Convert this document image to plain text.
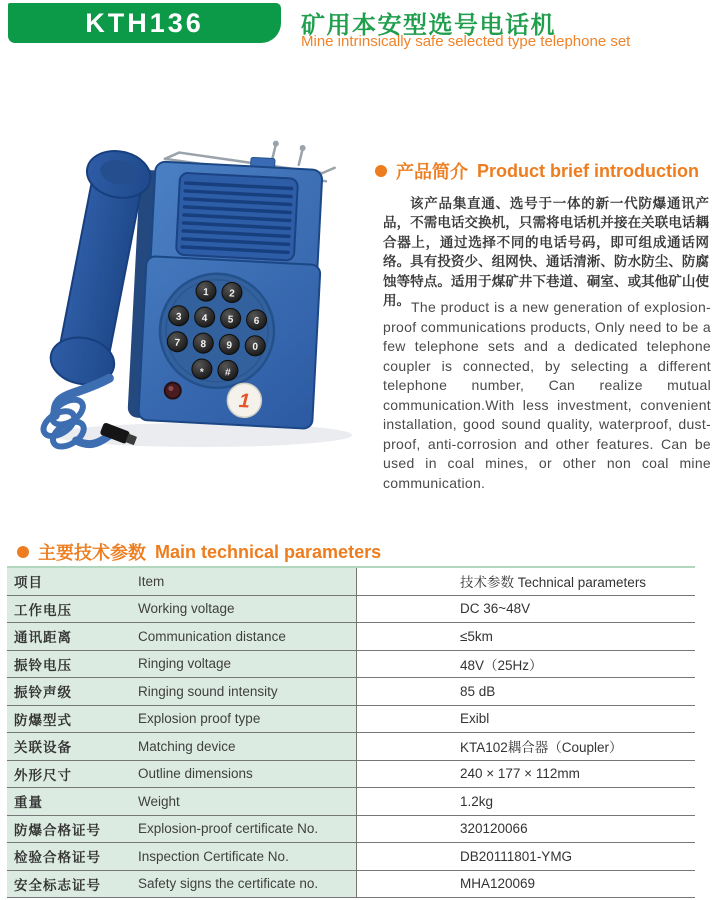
KTH136	矿用本安型选号电话机
Mine intrinsically safe selected type telephone set
1 2
3 4 5 6
7 8 9 0
* #
1
产品简介 Product brief introduction

该产品集直通、选号于一体的新一代防爆通讯产品，不需电话交换机，只需将电话机并接在关联电话耦合器上，通过选择不同的电话号码，即可组成通话网络。具有投资少、组网快、通话清淅、防水防尘、防腐蚀等特点。适用于煤矿井下巷道、硐室、或其他矿山使用。 The product is a new generation of explosion-proof communications products, Only need to be a few telephone sets and a dedicated telephone coupler is connected, by selecting a different telephone number, Can realize mutual communication.With less investment, convenient installation, good sound quality, waterproof, dust-proof, anti-corrosion and other features. Can be used in coal mines, or other non coal mine communication.

主要技术参数 Main technical parameters
项目	Item	技术参数 Technical parameters
工作电压	Working voltage	DC 36~48V
通讯距离	Communication distance	≤5km
振铃电压	Ringing voltage	48V（25Hz）
振铃声级	Ringing sound intensity	85 dB
防爆型式	Explosion proof type	Exibl
关联设备	Matching device	KTA102耦合器（Coupler）
外形尺寸	Outline dimensions	240 × 177 × 112mm
重量	Weight	1.2kg
防爆合格证号	Explosion-proof certificate No.	320120066
检验合格证号	Inspection Certificate No.	DB20111801-YMG
安全标志证号	Safety signs the certificate no.	MHA120069
